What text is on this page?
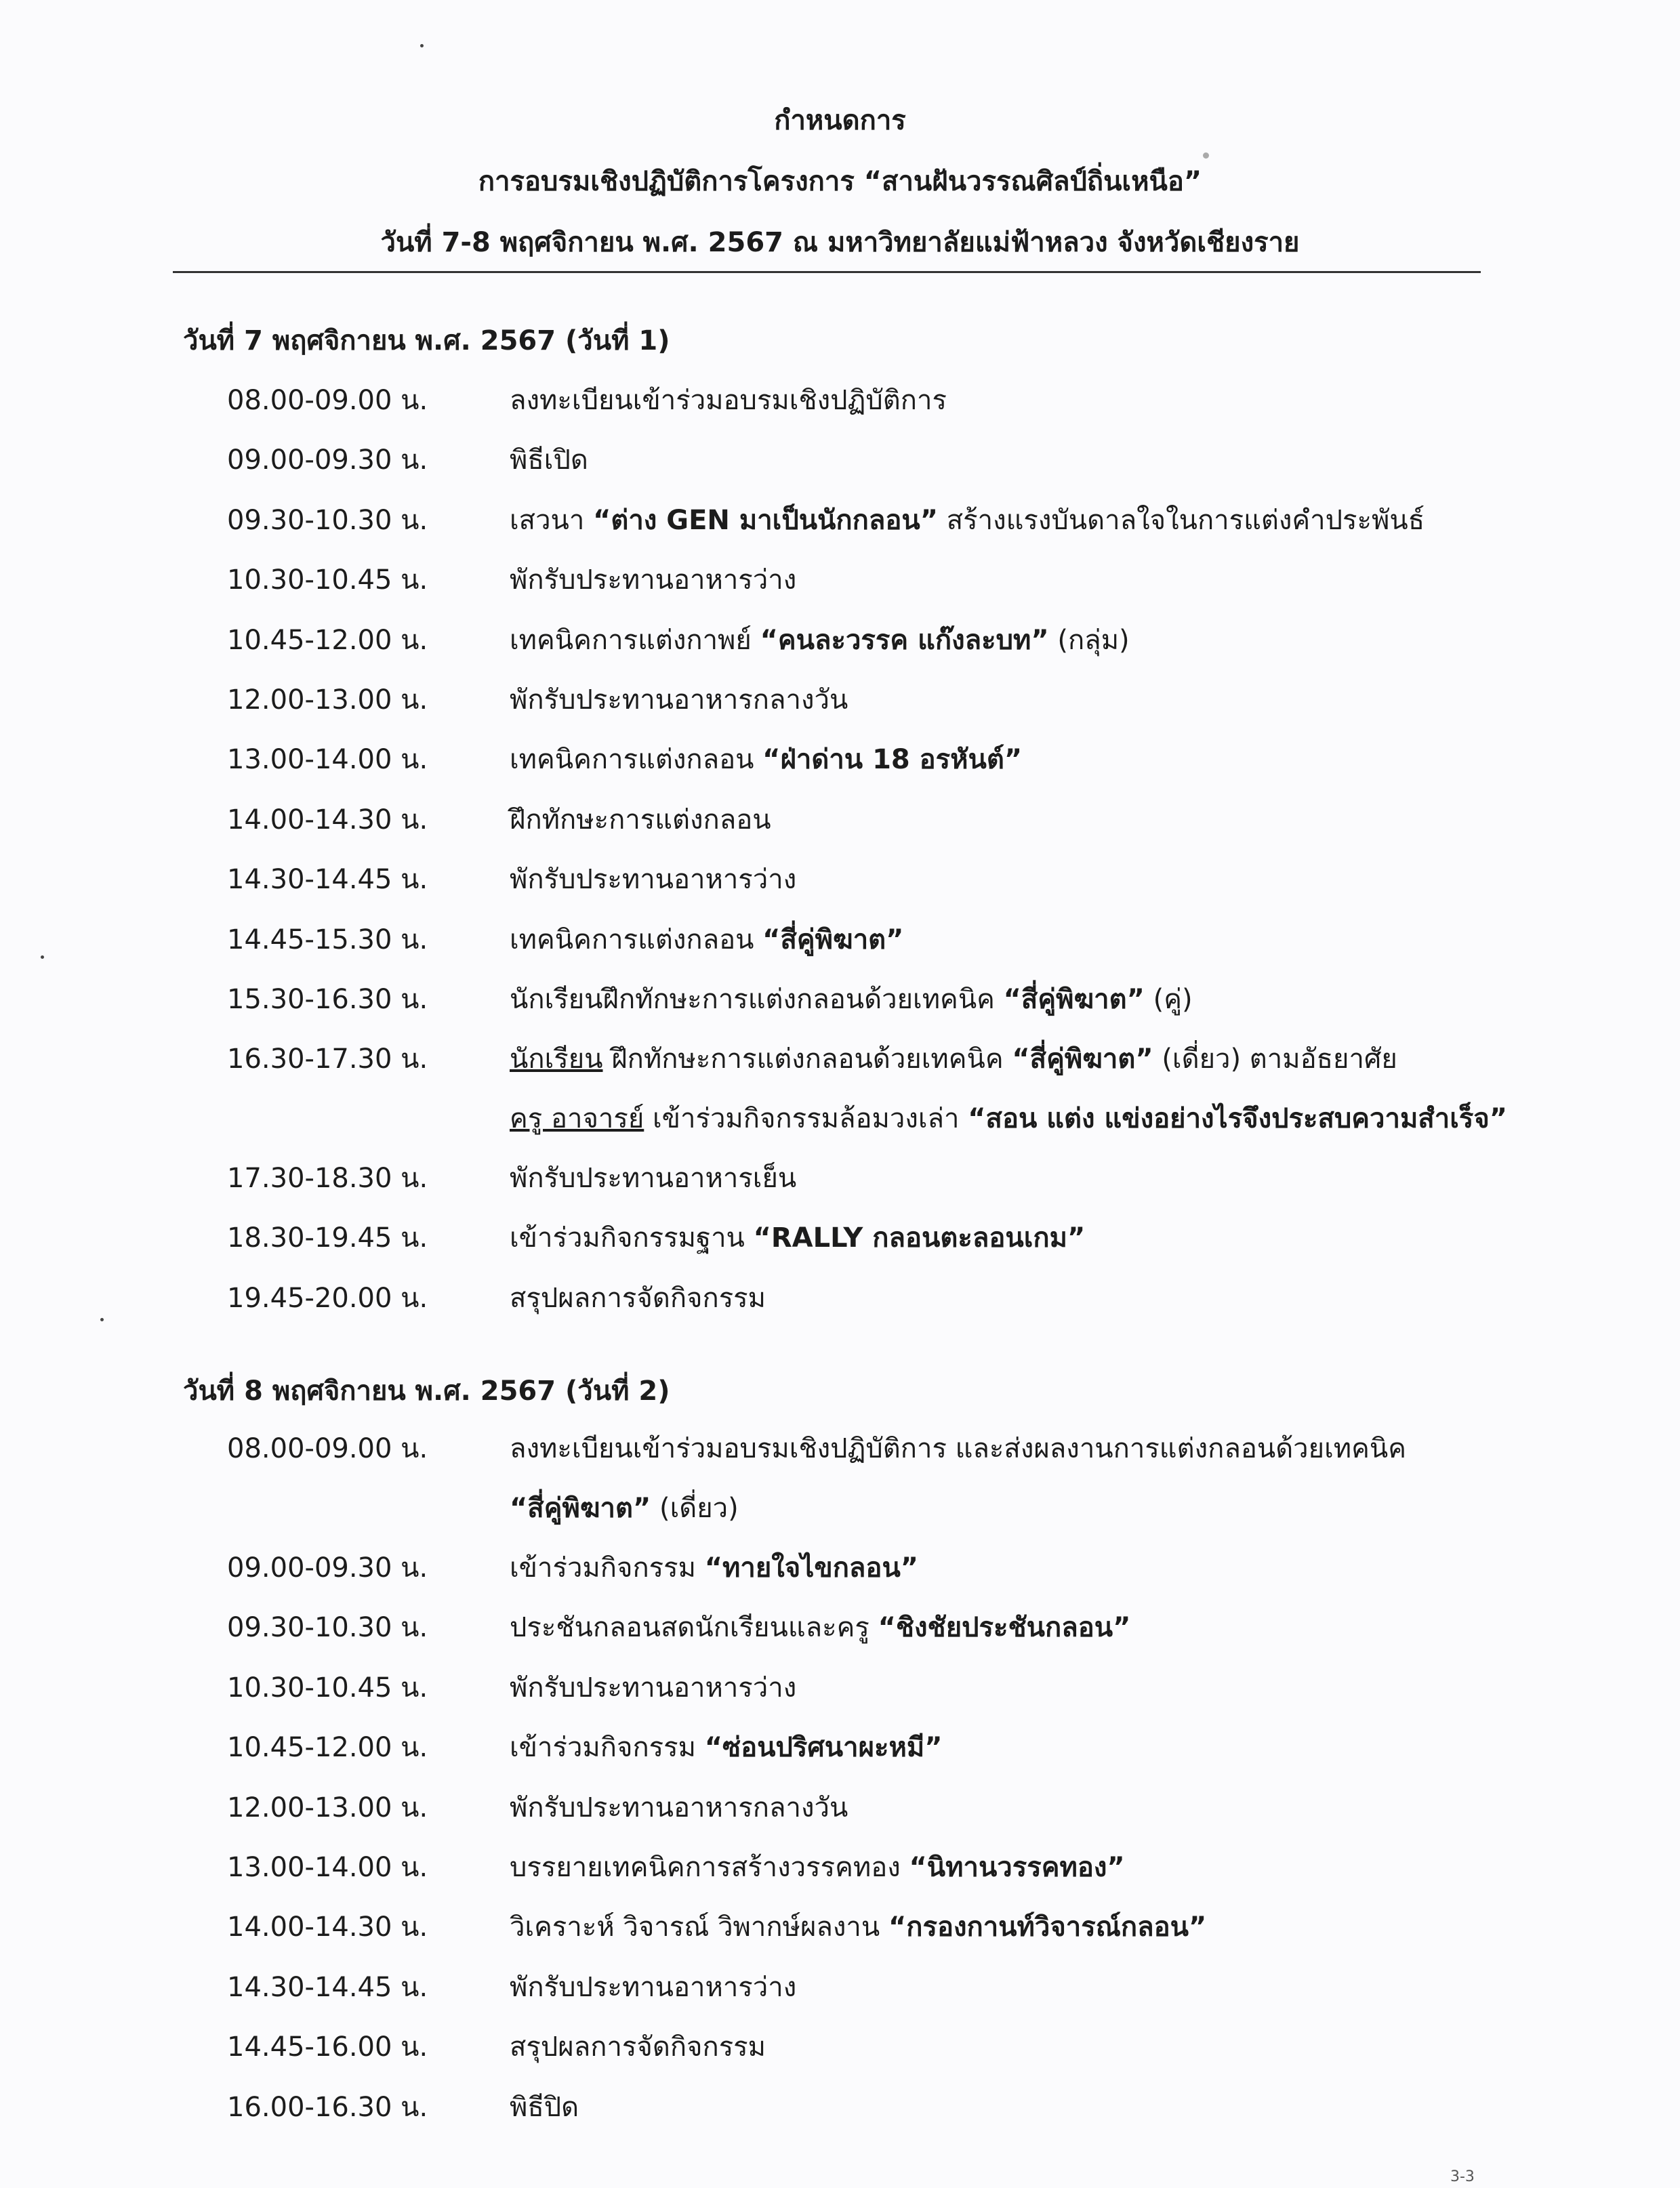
กำหนดการ
การอบรมเชิงปฏิบัติการโครงการ “สานฝันวรรณศิลป์ถิ่นเหนือ”
วันที่ 7-8 พฤศจิกายน พ.ศ. 2567 ณ มหาวิทยาลัยแม่ฟ้าหลวง จังหวัดเชียงราย
วันที่ 7 พฤศจิกายน พ.ศ. 2567 (วันที่ 1)
08.00-09.00 น.	ลงทะเบียนเข้าร่วมอบรมเชิงปฏิบัติการ
09.00-09.30 น.	พิธีเปิด
09.30-10.30 น.	เสวนา “ต่าง GEN มาเป็นนักกลอน” สร้างแรงบันดาลใจในการแต่งคำประพันธ์
10.30-10.45 น.	พักรับประทานอาหารว่าง
10.45-12.00 น.	เทคนิคการแต่งกาพย์ “คนละวรรค แก๊งละบท” (กลุ่ม)
12.00-13.00 น.	พักรับประทานอาหารกลางวัน
13.00-14.00 น.	เทคนิคการแต่งกลอน “ฝ่าด่าน 18 อรหันต์”
14.00-14.30 น.	ฝึกทักษะการแต่งกลอน
14.30-14.45 น.	พักรับประทานอาหารว่าง
14.45-15.30 น.	เทคนิคการแต่งกลอน “สี่คู่พิฆาต”
15.30-16.30 น.	นักเรียนฝึกทักษะการแต่งกลอนด้วยเทคนิค “สี่คู่พิฆาต” (คู่)
16.30-17.30 น.	นักเรียน ฝึกทักษะการแต่งกลอนด้วยเทคนิค “สี่คู่พิฆาต” (เดี่ยว) ตามอัธยาศัย
ครู อาจารย์ เข้าร่วมกิจกรรมล้อมวงเล่า “สอน แต่ง แข่งอย่างไรจึงประสบความสำเร็จ”
17.30-18.30 น.	พักรับประทานอาหารเย็น
18.30-19.45 น.	เข้าร่วมกิจกรรมฐาน “RALLY กลอนตะลอนเกม”
19.45-20.00 น.	สรุปผลการจัดกิจกรรม
วันที่ 8 พฤศจิกายน พ.ศ. 2567 (วันที่ 2)
08.00-09.00 น.	ลงทะเบียนเข้าร่วมอบรมเชิงปฏิบัติการ และส่งผลงานการแต่งกลอนด้วยเทคนิค
“สี่คู่พิฆาต” (เดี่ยว)
09.00-09.30 น.	เข้าร่วมกิจกรรม “ทายใจไขกลอน”
09.30-10.30 น.	ประชันกลอนสดนักเรียนและครู “ชิงชัยประชันกลอน”
10.30-10.45 น.	พักรับประทานอาหารว่าง
10.45-12.00 น.	เข้าร่วมกิจกรรม “ซ่อนปริศนาผะหมี”
12.00-13.00 น.	พักรับประทานอาหารกลางวัน
13.00-14.00 น.	บรรยายเทคนิคการสร้างวรรคทอง “นิทานวรรคทอง”
14.00-14.30 น.	วิเคราะห์ วิจารณ์ วิพากษ์ผลงาน “กรองกานท์วิจารณ์กลอน”
14.30-14.45 น.	พักรับประทานอาหารว่าง
14.45-16.00 น.	สรุปผลการจัดกิจกรรม
16.00-16.30 น.	พิธีปิด
3-3
